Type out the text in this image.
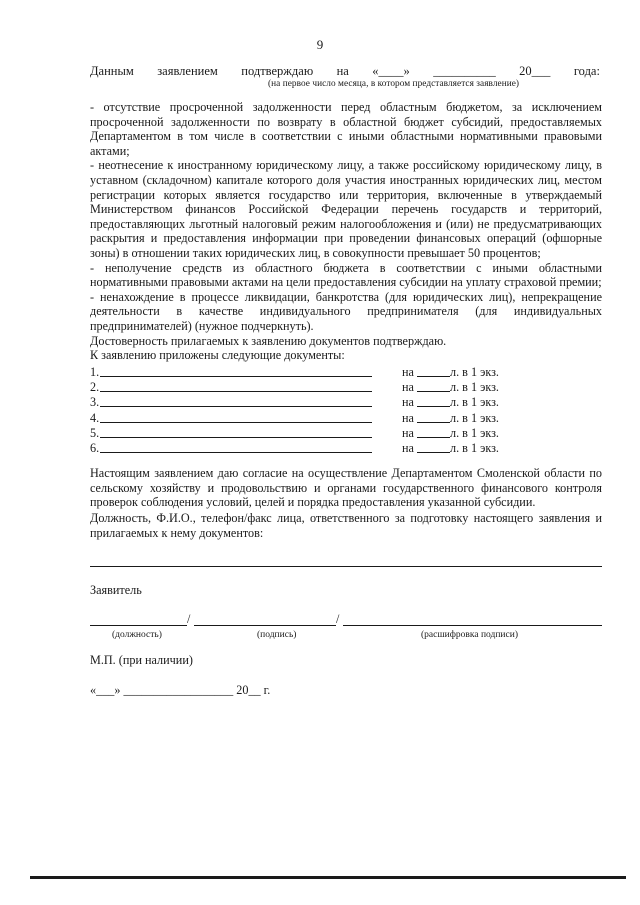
9
Данным заявлением подтверждаю на «____» __________ 20___ года:
(на первое число месяца, в котором представляется заявление)

- отсутствие просроченной задолженности перед областным бюджетом, за исключением просроченной задолженности по возврату в областной бюджет субсидий, предоставляемых Департаментом в том числе в соответствии с иными областными нормативными правовыми актами;

- неотнесение к иностранному юридическому лицу, а также российскому юридическому лицу, в уставном (складочном) капитале которого доля участия иностранных юридических лиц, местом регистрации которых является государство или территория, включенные в утверждаемый Министерством финансов Российской Федерации перечень государств и территорий, предоставляющих льготный налоговый режим налогообложения и (или) не предусматривающих раскрытия и предоставления информации при проведении финансовых операций (офшорные зоны) в отношении таких юридических лиц, в совокупности превышает 50 процентов;

- неполучение средств из областного бюджета в соответствии с иными областными нормативными правовыми актами на цели предоставления субсидии на уплату страховой премии;

- ненахождение в процессе ликвидации, банкротства (для юридических лиц), непрекращение деятельности в качестве индивидуального предпринимателя (для индивидуальных предпринимателей) (нужное подчеркнуть).

Достоверность прилагаемых к заявлению документов подтверждаю.

К заявлению приложены следующие документы:

1.	на	л. в 1 экз.
2.	на	л. в 1 экз.
3.	на	л. в 1 экз.
4.	на	л. в 1 экз.
5.	на	л. в 1 экз.
6.	на	л. в 1 экз.

Настоящим заявлением даю согласие на осуществление Департаментом Смоленской области по сельскому хозяйству и продовольствию и органами государственного финансового контроля проверок соблюдения условий, целей и порядка предоставления указанной субсидии.

Должность, Ф.И.О., телефон/факс лица, ответственного за подготовку настоящего заявления и прилагаемых к нему документов:

Заявитель
/	/
(должность)	(подпись)	(расшифровка подписи)
М.П. (при наличии)
«___» __________________ 20__ г.
